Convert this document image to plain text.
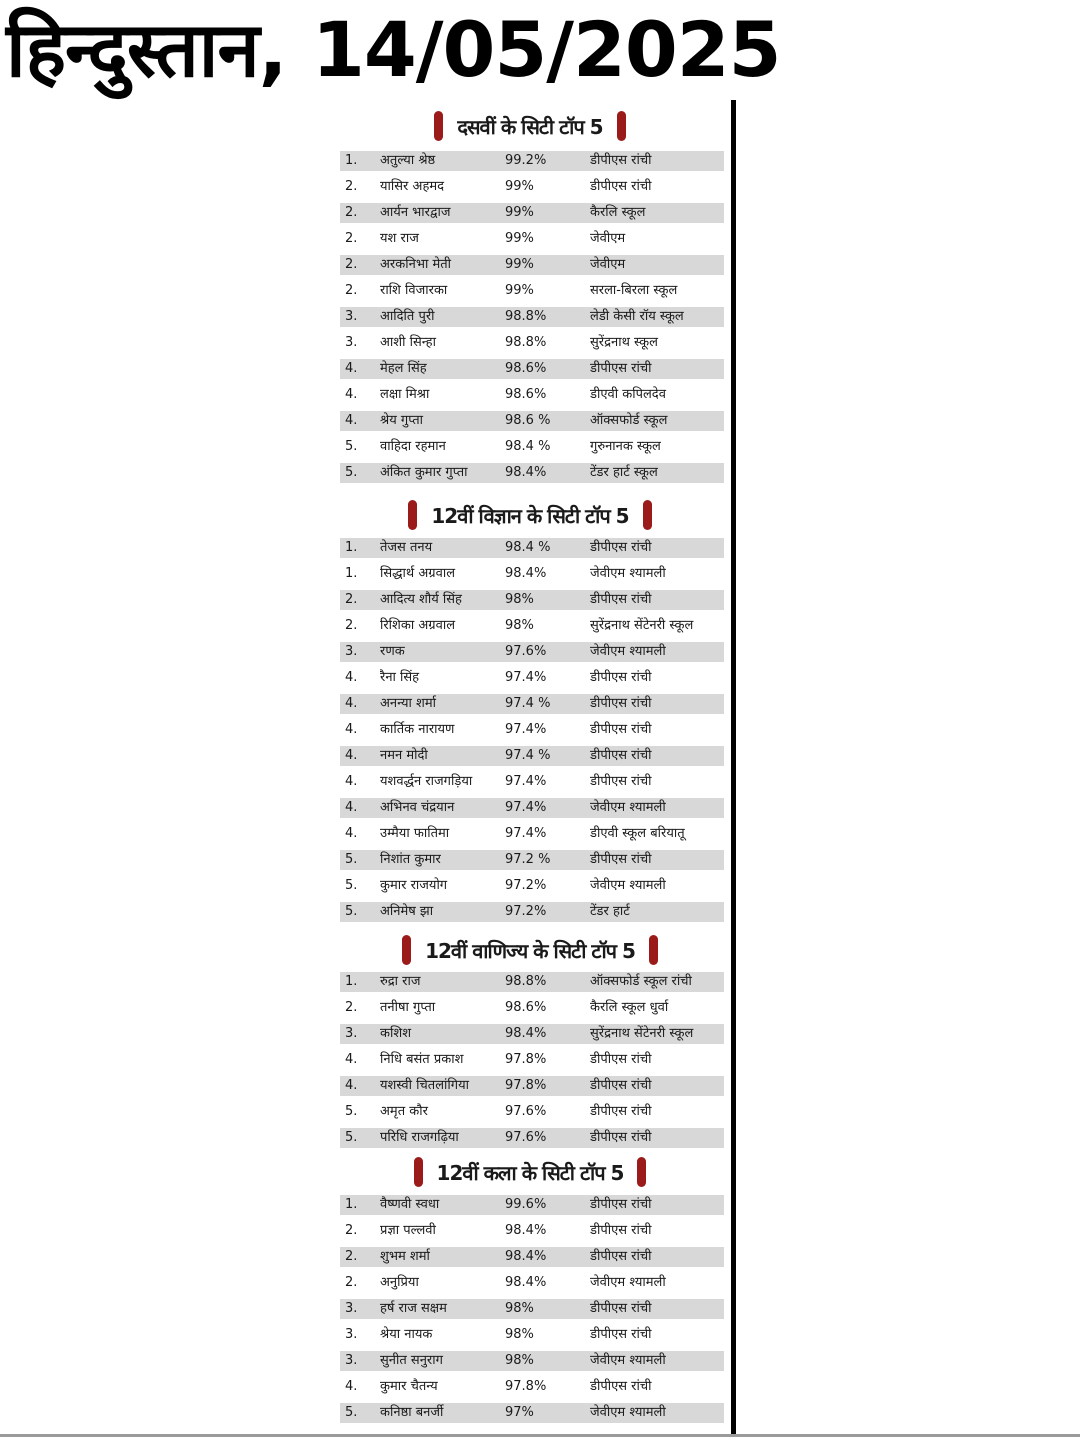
हिन्दुस्तान, 14/05/2025
दसवीं के सिटी टॉप 5
1.	अतुल्या श्रेष्ठ	99.2%	डीपीएस रांची
2.	यासिर अहमद	99%	डीपीएस रांची
2.	आर्यन भारद्वाज	99%	कैरलि स्कूल
2.	यश राज	99%	जेवीएम
2.	अरकनिभा मेती	99%	जेवीएम
2.	राशि विजारका	99%	सरला-बिरला स्कूल
3.	आदिति पुरी	98.8%	लेडी केसी रॉय स्कूल
3.	आशी सिन्हा	98.8%	सुरेंद्रनाथ स्कूल
4.	मेहल सिंह	98.6%	डीपीएस रांची
4.	लक्षा मिश्रा	98.6%	डीएवी कपिलदेव
4.	श्रेय गुप्ता	98.6 %	ऑक्सफोर्ड स्कूल
5.	वाहिदा रहमान	98.4 %	गुरुनानक स्कूल
5.	अंकित कुमार गुप्ता	98.4%	टेंडर हार्ट स्कूल
12वीं विज्ञान के सिटी टॉप 5
1.	तेजस तनय	98.4 %	डीपीएस रांची
1.	सिद्धार्थ अग्रवाल	98.4%	जेवीएम श्यामली
2.	आदित्य शौर्य सिंह	98%	डीपीएस रांची
2.	रिशिका अग्रवाल	98%	सुरेंद्रनाथ सेंटेनरी स्कूल
3.	रणक	97.6%	जेवीएम श्यामली
4.	रैना सिंह	97.4%	डीपीएस रांची
4.	अनन्या शर्मा	97.4 %	डीपीएस रांची
4.	कार्तिक नारायण	97.4%	डीपीएस रांची
4.	नमन मोदी	97.4 %	डीपीएस रांची
4.	यशवर्द्धन राजगड़िया	97.4%	डीपीएस रांची
4.	अभिनव चंद्रयान	97.4%	जेवीएम श्यामली
4.	उम्मैया फातिमा	97.4%	डीएवी स्कूल बरियातू
5.	निशांत कुमार	97.2 %	डीपीएस रांची
5.	कुमार राजयोग	97.2%	जेवीएम श्यामली
5.	अनिमेष झा	97.2%	टेंडर हार्ट
12वीं वाणिज्य के सिटी टॉप 5
1.	रुद्रा राज	98.8%	ऑक्सफोर्ड स्कूल रांची
2.	तनीषा गुप्ता	98.6%	कैरलि स्कूल धुर्वा
3.	कशिश	98.4%	सुरेंद्रनाथ सेंटेनरी स्कूल
4.	निधि बसंत प्रकाश	97.8%	डीपीएस रांची
4.	यशस्वी चितलांगिया	97.8%	डीपीएस रांची
5.	अमृत कौर	97.6%	डीपीएस रांची
5.	परिधि राजगढ़िया	97.6%	डीपीएस रांची
12वीं कला के सिटी टॉप 5
1.	वैष्णवी स्वधा	99.6%	डीपीएस रांची
2.	प्रज्ञा पल्लवी	98.4%	डीपीएस रांची
2.	शुभम शर्मा	98.4%	डीपीएस रांची
2.	अनुप्रिया	98.4%	जेवीएम श्यामली
3.	हर्ष राज सक्षम	98%	डीपीएस रांची
3.	श्रेया नायक	98%	डीपीएस रांची
3.	सुनीत सनुराग	98%	जेवीएम श्यामली
4.	कुमार चैतन्य	97.8%	डीपीएस रांची
5.	कनिष्ठा बनर्जी	97%	जेवीएम श्यामली
